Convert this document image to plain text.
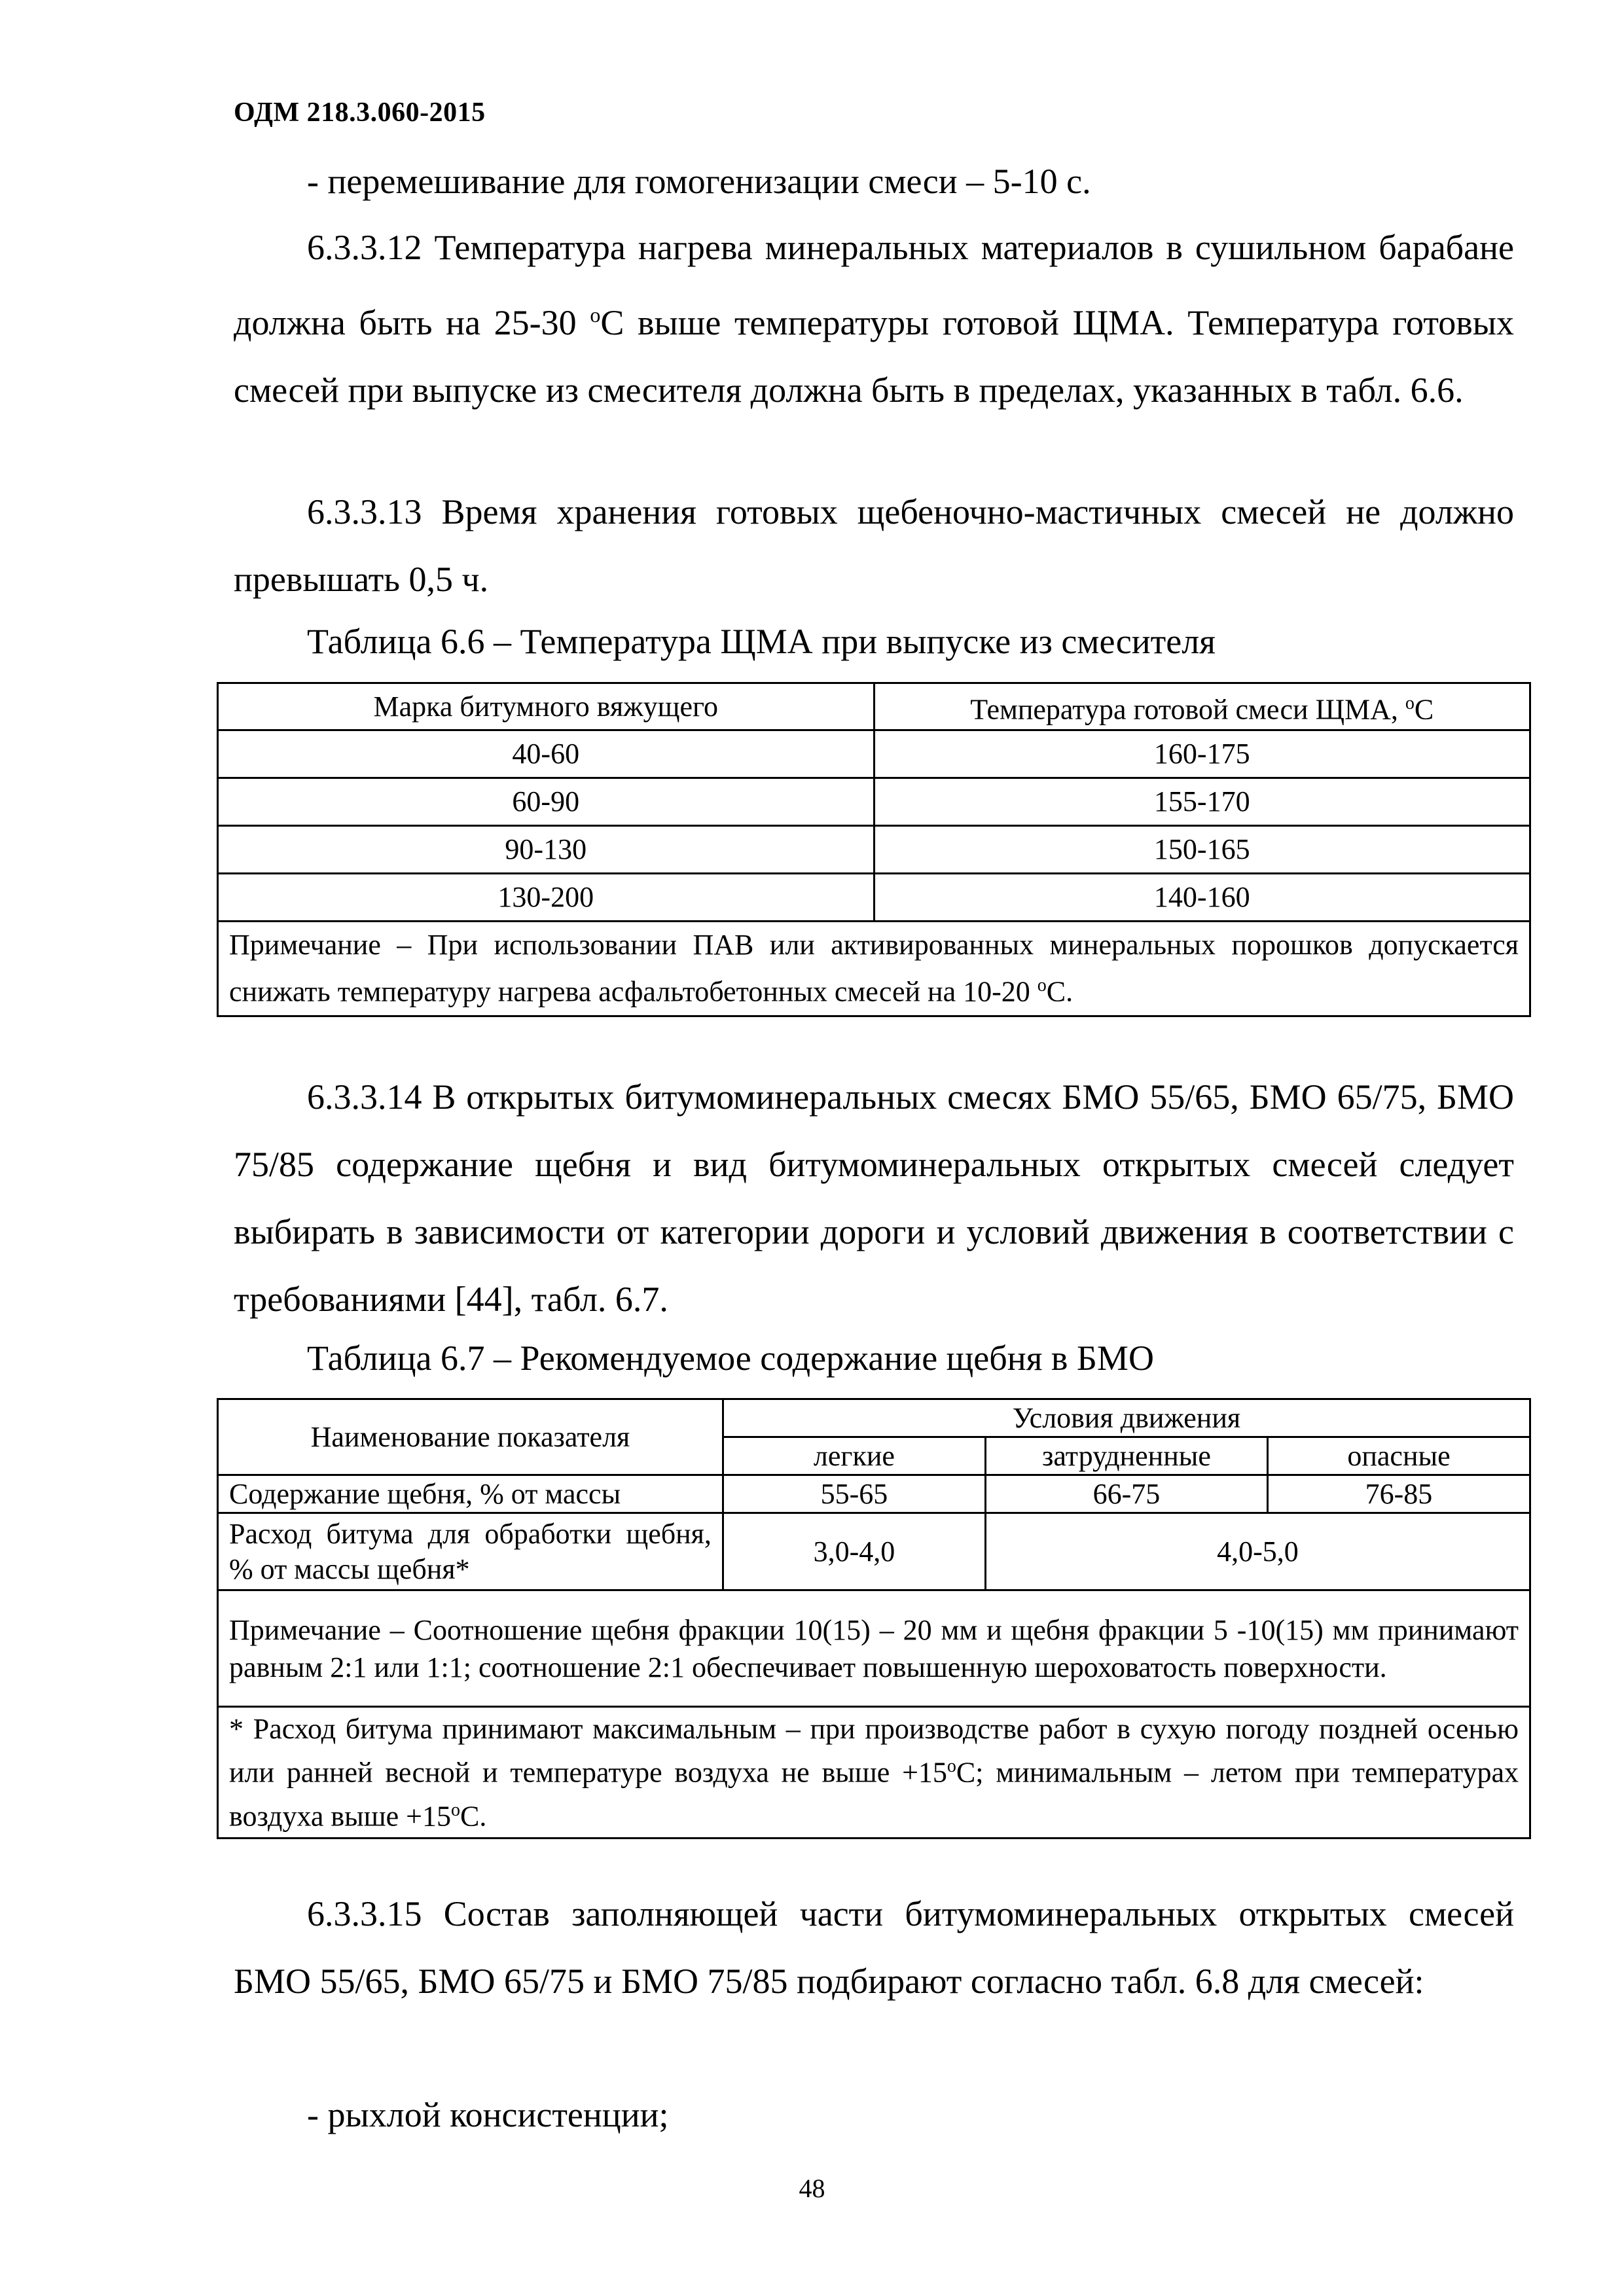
ОДМ 218.3.060-2015

- перемешивание для гомогенизации смеси – 5-10 с.

6.3.3.12 Температура нагрева минеральных материалов в сушильном барабане должна быть на 25-30 $^о$С выше температуры готовой ЩМА. Температура готовых смесей при выпуске из смесителя должна быть в пределах, указанных в табл. 6.6.

6.3.3.13 Время хранения готовых щебеночно-мастичных смесей не должно превышать 0,5 ч.

Таблица 6.6 – Температура ЩМА при выпуске из смесителя
Марка битумного вяжущего	Температура готовой смеси ЩМА, $^о$С
40-60	160-175
60-90	155-170
90-130	150-165
130-200	140-160
Примечание – При использовании ПАВ или активированных минеральных порошков допускается снижать температуру нагрева асфальтобетонных смесей на 10-20 $^о$С.	

6.3.3.14 В открытых битумоминеральных смесях БМО 55/65, БМО 65/75, БМО 75/85 содержание щебня и вид битумоминеральных открытых смесей следует выбирать в зависимости от категории дороги и условий движения в соответствии с требованиями [44], табл. 6.7.

Таблица 6.7 – Рекомендуемое содержание щебня в БМО
Наименование показателя	Условия движения		
	легкие	затрудненные	опасные
Содержание щебня, % от массы	55-65	66-75	76-85
Расход битума для обработки щебня, % от массы щебня*	3,0-4,0	4,0-5,0	
Примечание – Соотношение щебня фракции 10(15) – 20 мм и щебня фракции 5 -10(15) мм принимают равным 2:1 или 1:1; соотношение 2:1 обеспечивает повышенную шероховатость поверхности.			
* Расход битума принимают максимальным – при производстве работ в сухую погоду поздней осенью или ранней весной и температуре воздуха не выше $+15^оС$; минимальным – летом при температурах воздуха выше $+15^оС$.			

6.3.3.15 Состав заполняющей части битумоминеральных открытых смесей БМО 55/65, БМО 65/75 и БМО 75/85 подбирают согласно табл. 6.8 для смесей:

- рыхлой консистенции;

48
